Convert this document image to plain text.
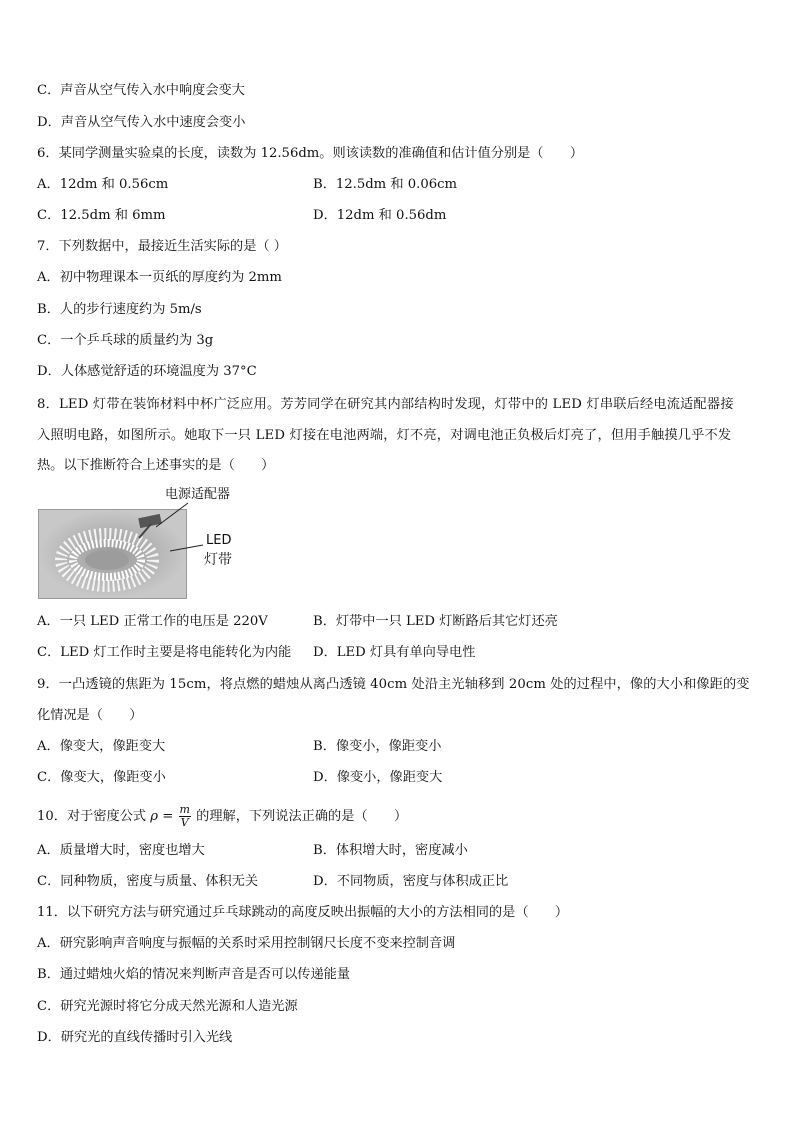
C．声音从空气传入水中响度会变大
D．声音从空气传入水中速度会变小
6．某同学测量实验桌的长度，读数为 12.56dm。则该读数的准确值和估计值分别是（　　）
A．12dm 和 0.56cm	B．12.5dm 和 0.06cm
C．12.5dm 和 6mm	D．12dm 和 0.56dm
7．下列数据中，最接近生活实际的是（ ）
A．初中物理课本一页纸的厚度约为 2mm
B．人的步行速度约为 5m/s
C．一个乒乓球的质量约为 3g
D．人体感觉舒适的环境温度为 37°C
8．LED 灯带在装饰材料中杯广泛应用。芳芳同学在研究其内部结构时发现，灯带中的 LED 灯串联后经电流适配器接
入照明电路，如图所示。她取下一只 LED 灯接在电池两端，灯不亮，对调电池正负极后灯亮了，但用手触摸几乎不发
热。以下推断符合上述事实的是（　　）
电源适配器
LED
灯带
A．一只 LED 正常工作的电压是 220V	B．灯带中一只 LED 灯断路后其它灯还亮
C．LED 灯工作时主要是将电能转化为内能 D．LED 灯具有单向导电性
9．一凸透镜的焦距为 15cm，将点燃的蜡烛从离凸透镜 40cm 处沿主光轴移到 20cm 处的过程中，像的大小和像距的变
化情况是（　　）
A．像变大，像距变大	B．像变小，像距变小
C．像变大，像距变小	D．像变小，像距变大
10．对于密度公式 $\rho = \frac{m}{V}$ 的理解，下列说法正确的是（　　）
A．质量增大时，密度也增大	B．体积增大时，密度减小
C．同种物质，密度与质量、体积无关	D．不同物质，密度与体积成正比
11．以下研究方法与研究通过乒乓球跳动的高度反映出振幅的大小的方法相同的是（　　）
A．研究影响声音响度与振幅的关系时采用控制钢尺长度不变来控制音调
B．通过蜡烛火焰的情况来判断声音是否可以传递能量
C．研究光源时将它分成天然光源和人造光源
D．研究光的直线传播时引入光线
